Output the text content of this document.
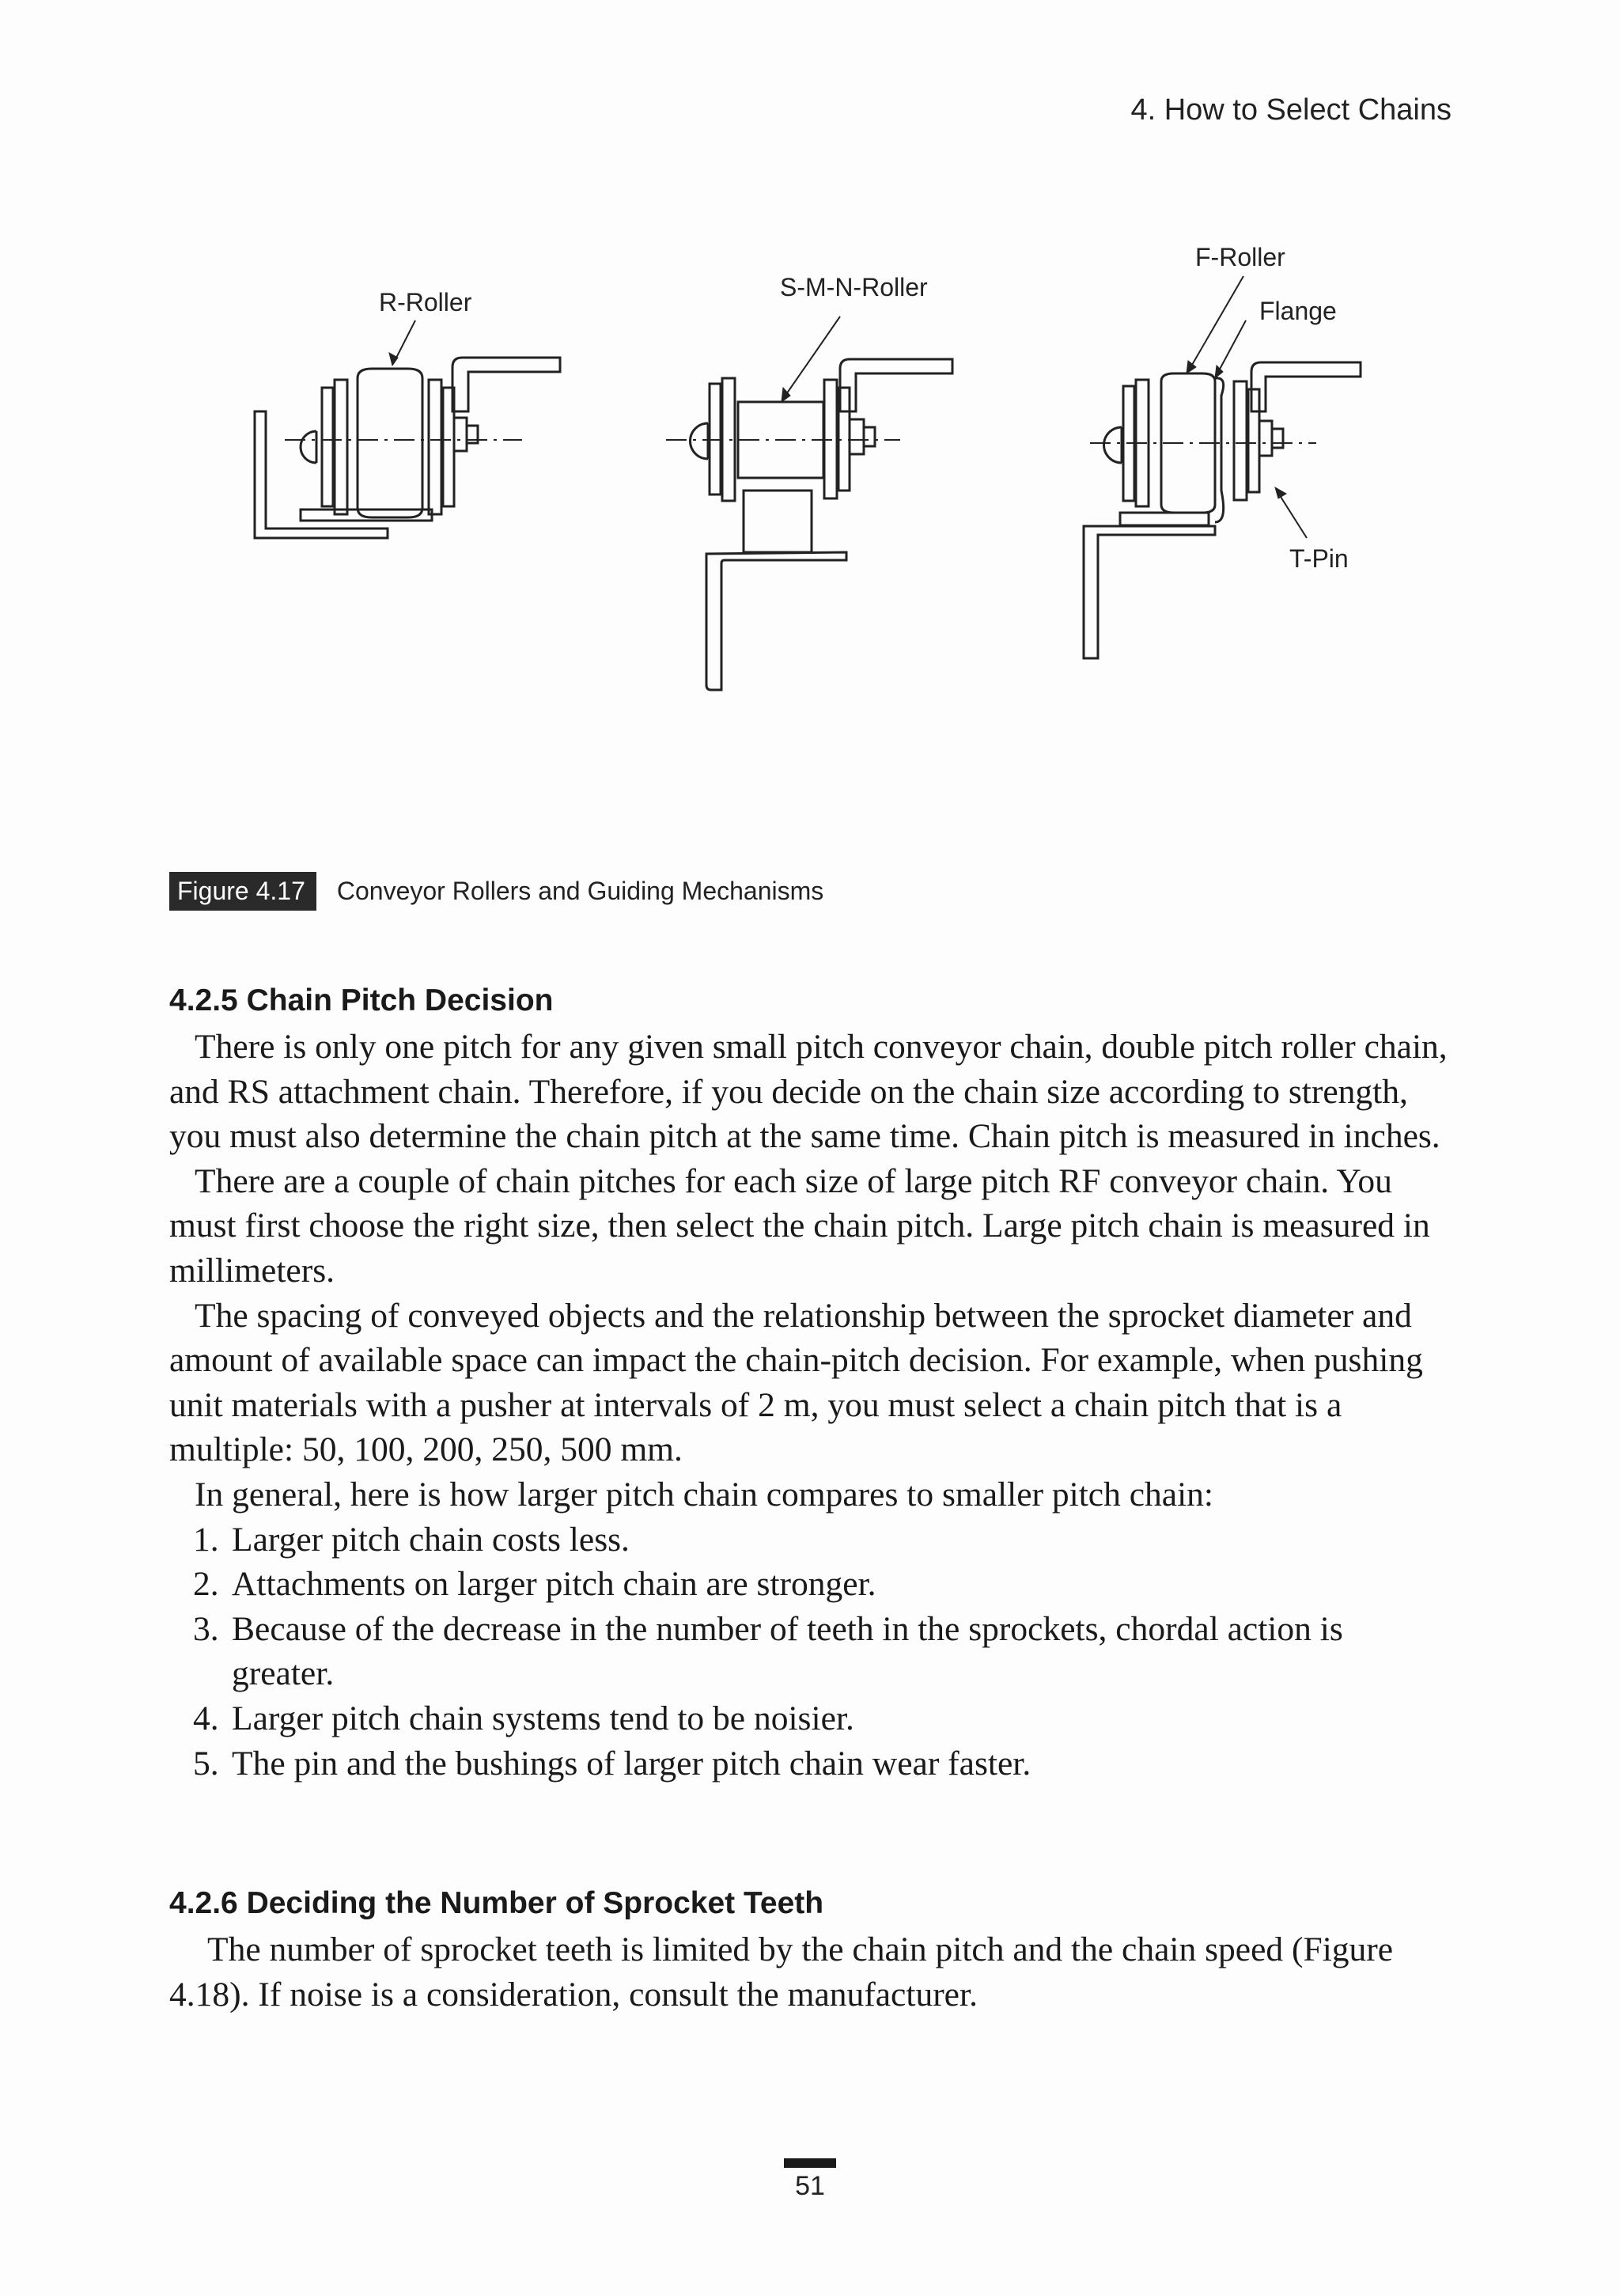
4. How to Select Chains
R-Roller
S-M-N-Roller
F-Roller
Flange
T-Pin
Figure 4.17	Conveyor Rollers and Guiding Mechanisms
4.2.5 Chain Pitch Decision

There is only one pitch for any given small pitch conveyor chain, double pitch roller chain, and RS attachment chain. Therefore, if you decide on the chain size according to strength, you must also determine the chain pitch at the same time. Chain pitch is measured in inches.

There are a couple of chain pitches for each size of large pitch RF conveyor chain. You must first choose the right size, then select the chain pitch. Large pitch chain is measured in millimeters.

The spacing of conveyed objects and the relationship between the sprocket diameter and amount of available space can impact the chain-pitch decision. For example, when pushing unit materials with a pusher at intervals of 2 m, you must select a chain pitch that is a multiple: 50, 100, 200, 250, 500 mm.

In general, here is how larger pitch chain compares to smaller pitch chain:

1. Larger pitch chain costs less.
2. Attachments on larger pitch chain are stronger.
3. Because of the decrease in the number of teeth in the sprockets, chordal action is greater.
4. Larger pitch chain systems tend to be noisier.
5. The pin and the bushings of larger pitch chain wear faster.
4.2.6 Deciding the Number of Sprocket Teeth

The number of sprocket teeth is limited by the chain pitch and the chain speed (Figure 4.18). If noise is a consideration, consult the manufacturer.

51
